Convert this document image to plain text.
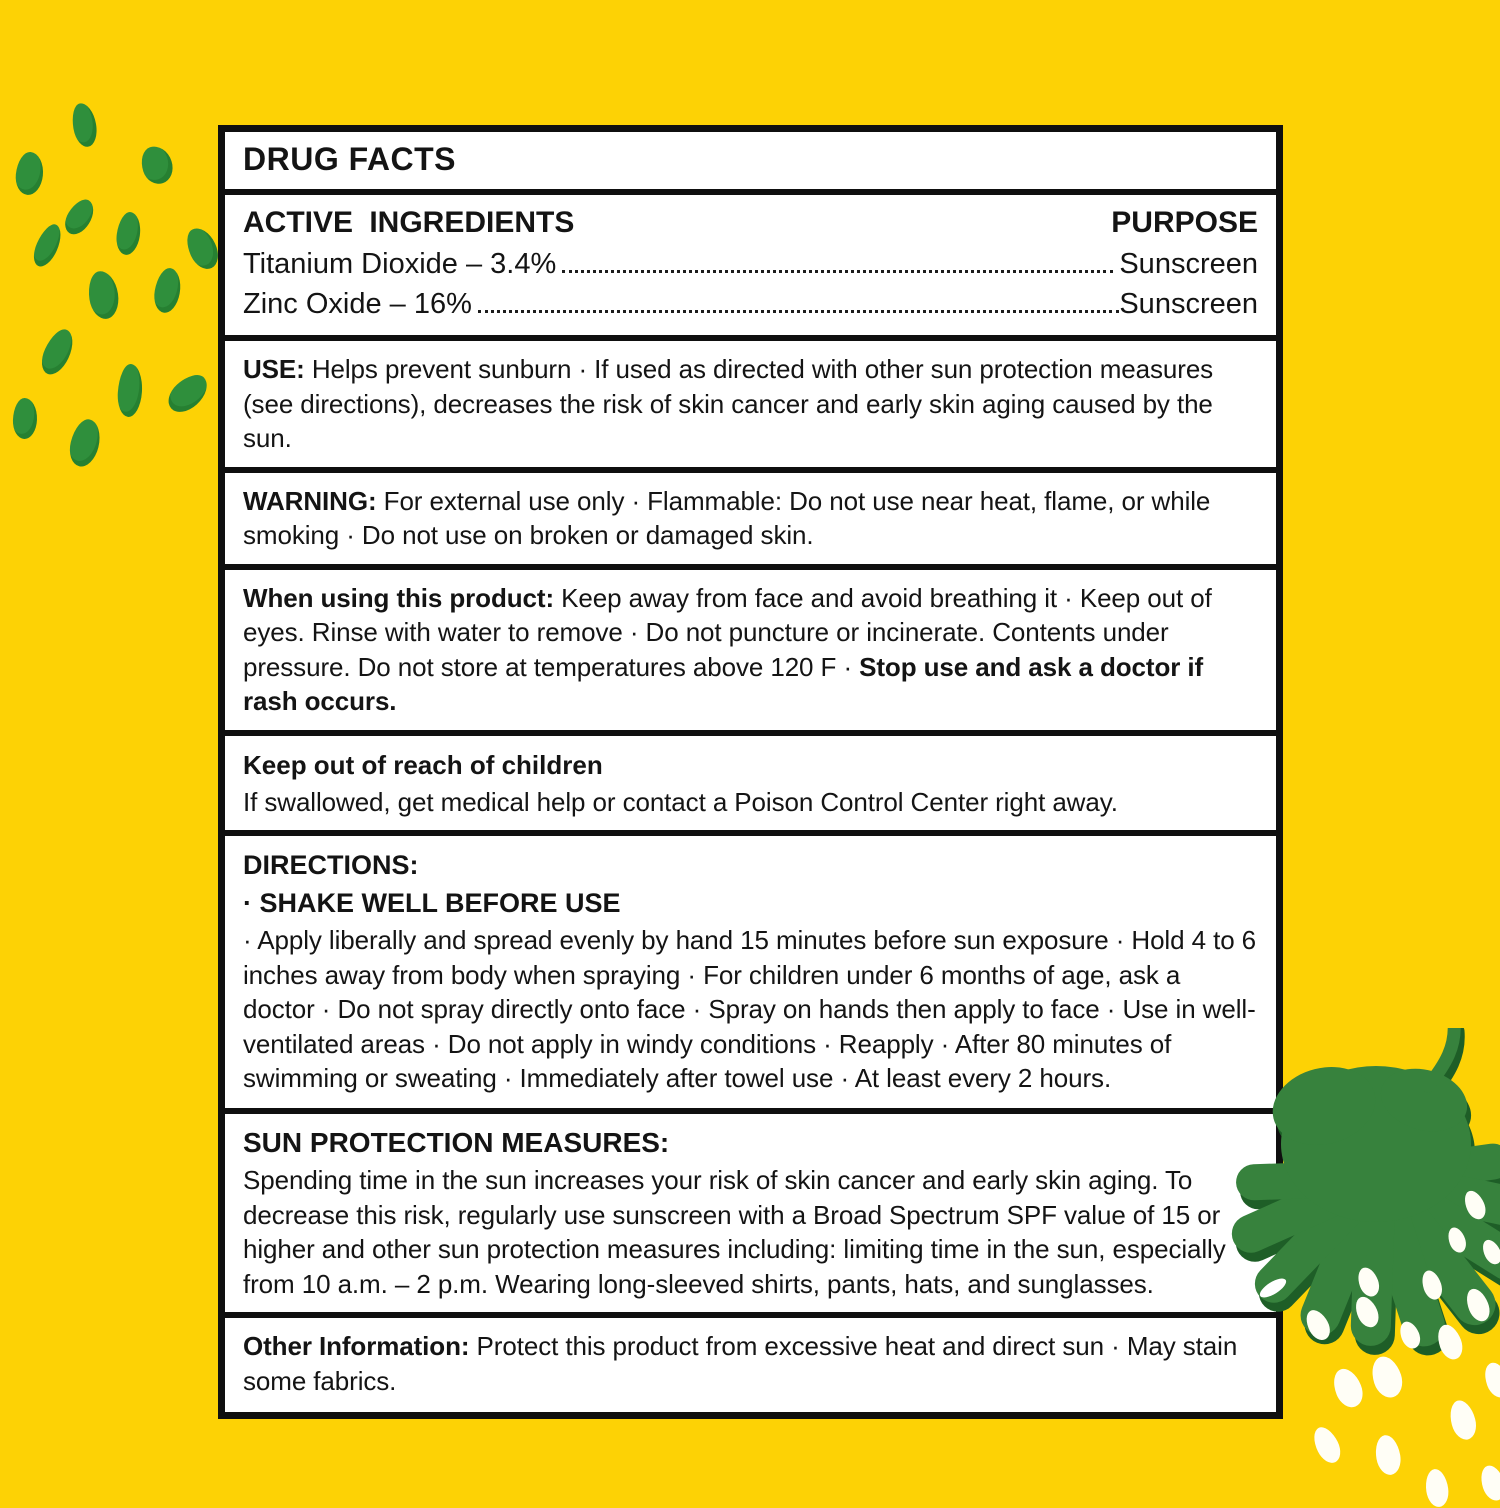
DRUG FACTS
ACTIVE INGREDIENTS	PURPOSE
Titanium Dioxide – 3.4%	Sunscreen
Zinc Oxide – 16%	Sunscreen

USE: Helps prevent sunburn · If used as directed with other sun protection measures (see directions), decreases the risk of skin cancer and early skin aging caused by the sun.

WARNING: For external use only · Flammable: Do not use near heat, flame, or while smoking · Do not use on broken or damaged skin.

When using this product: Keep away from face and avoid breathing it · Keep out of eyes. Rinse with water to remove · Do not puncture or incinerate. Contents under pressure. Do not store at temperatures above 120 F · Stop use and ask a doctor if rash occurs.

Keep out of reach of children

If swallowed, get medical help or contact a Poison Control Center right away.

DIRECTIONS:

· SHAKE WELL BEFORE USE

· Apply liberally and spread evenly by hand 15 minutes before sun exposure · Hold 4 to 6 inches away from body when spraying · For children under 6 months of age, ask a doctor · Do not spray directly onto face · Spray on hands then apply to face · Use in well-ventilated areas · Do not apply in windy conditions · Reapply · After 80 minutes of swimming or sweating · Immediately after towel use · At least every 2 hours.

SUN PROTECTION MEASURES:

Spending time in the sun increases your risk of skin cancer and early skin aging. To decrease this risk, regularly use sunscreen with a Broad Spectrum SPF value of 15 or higher and other sun protection measures including: limiting time in the sun, especially from 10 a.m. – 2 p.m. Wearing long-sleeved shirts, pants, hats, and sunglasses.

Other Information: Protect this product from excessive heat and direct sun · May stain some fabrics.
